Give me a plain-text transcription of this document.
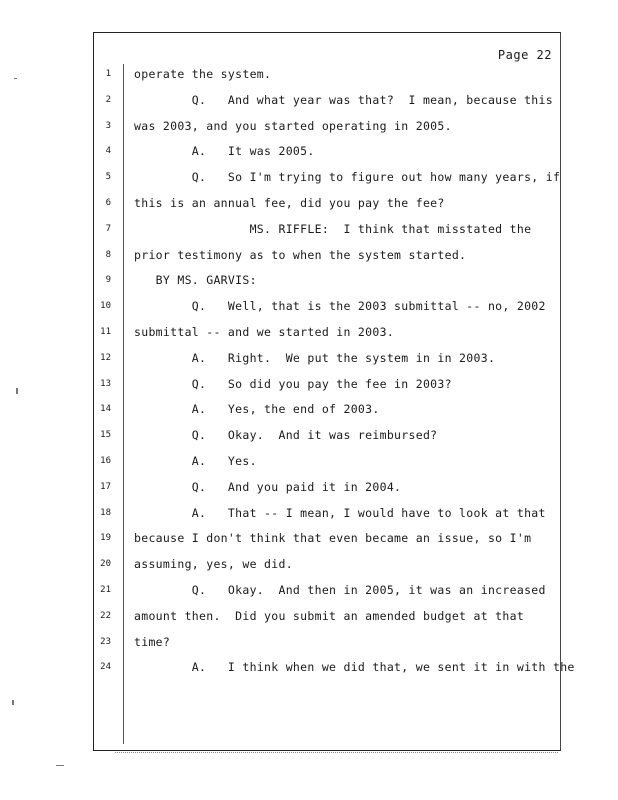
Page 22
1 operate the system.
2 Q.   And what year was that?  I mean, because this
3 was 2003, and you started operating in 2005.
4 A.   It was 2005.
5 Q.   So I'm trying to figure out how many years, if
6 this is an annual fee, did you pay the fee?
7 MS. RIFFLE:  I think that misstated the
8 prior testimony as to when the system started.
9 BY MS. GARVIS:
10 Q.   Well, that is the 2003 submittal -- no, 2002
11 submittal -- and we started in 2003.
12 A.   Right.  We put the system in in 2003.
13 Q.   So did you pay the fee in 2003?
14 A.   Yes, the end of 2003.
15 Q.   Okay.  And it was reimbursed?
16 A.   Yes.
17 Q.   And you paid it in 2004.
18 A.   That -- I mean, I would have to look at that
19 because I don't think that even became an issue, so I'm
20 assuming, yes, we did.
21 Q.   Okay.  And then in 2005, it was an increased
22 amount then.  Did you submit an amended budget at that
23 time?
24 A.   I think when we did that, we sent it in with the
